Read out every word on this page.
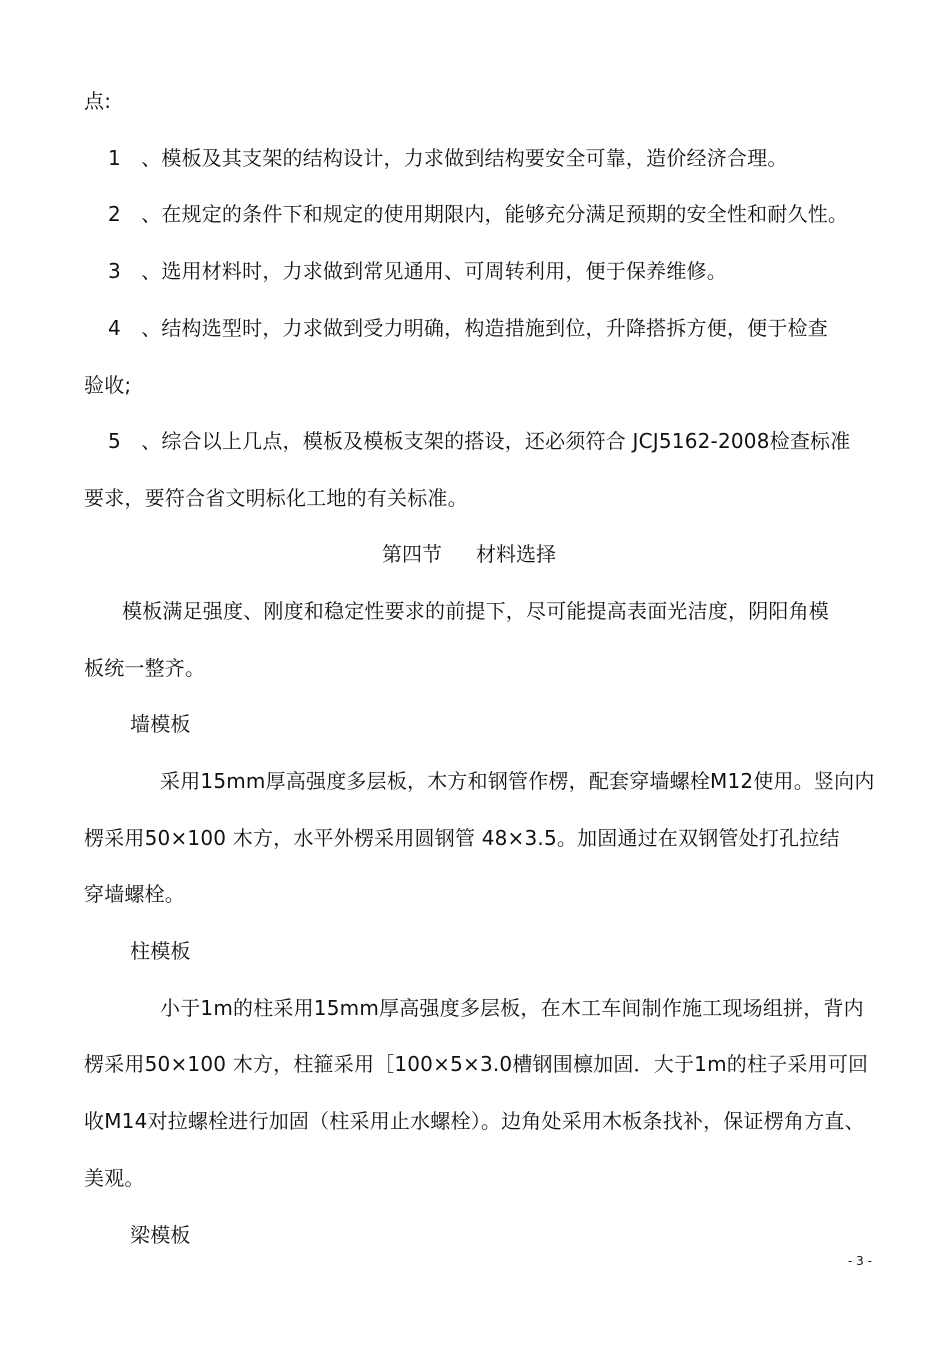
点:
1　、模板及其支架的结构设计，力求做到结构要安全可靠，造价经济合理。
2　、在规定的条件下和规定的使用期限内，能够充分满足预期的安全性和耐久性。
3　、选用材料时，力求做到常见通用、可周转利用，便于保养维修。
4　、结构选型时，力求做到受力明确，构造措施到位，升降搭拆方便，便于检查
验收;
5　、综合以上几点，模板及模板支架的搭设，还必须符合 JCJ5162-2008检查标准
要求，要符合省文明标化工地的有关标准。
第四节 材料选择
模板满足强度、刚度和稳定性要求的前提下，尽可能提高表面光洁度，阴阳角模
板统一整齐。
墙模板
采用15mm厚高强度多层板，木方和钢管作楞，配套穿墙螺栓M12使用。竖向内
楞采用50×100 木方，水平外楞采用圆钢管 48×3.5。加固通过在双钢管处打孔拉结
穿墙螺栓。
柱模板
小于1m的柱采用15mm厚高强度多层板，在木工车间制作施工现场组拼，背内
楞采用50×100 木方，柱箍采用［100×5×3.0槽钢围檩加固．大于1m的柱子采用可回
收M14对拉螺栓进行加固（柱采用止水螺栓）。边角处采用木板条找补，保证楞角方直、
美观。
梁模板
- 3 -
